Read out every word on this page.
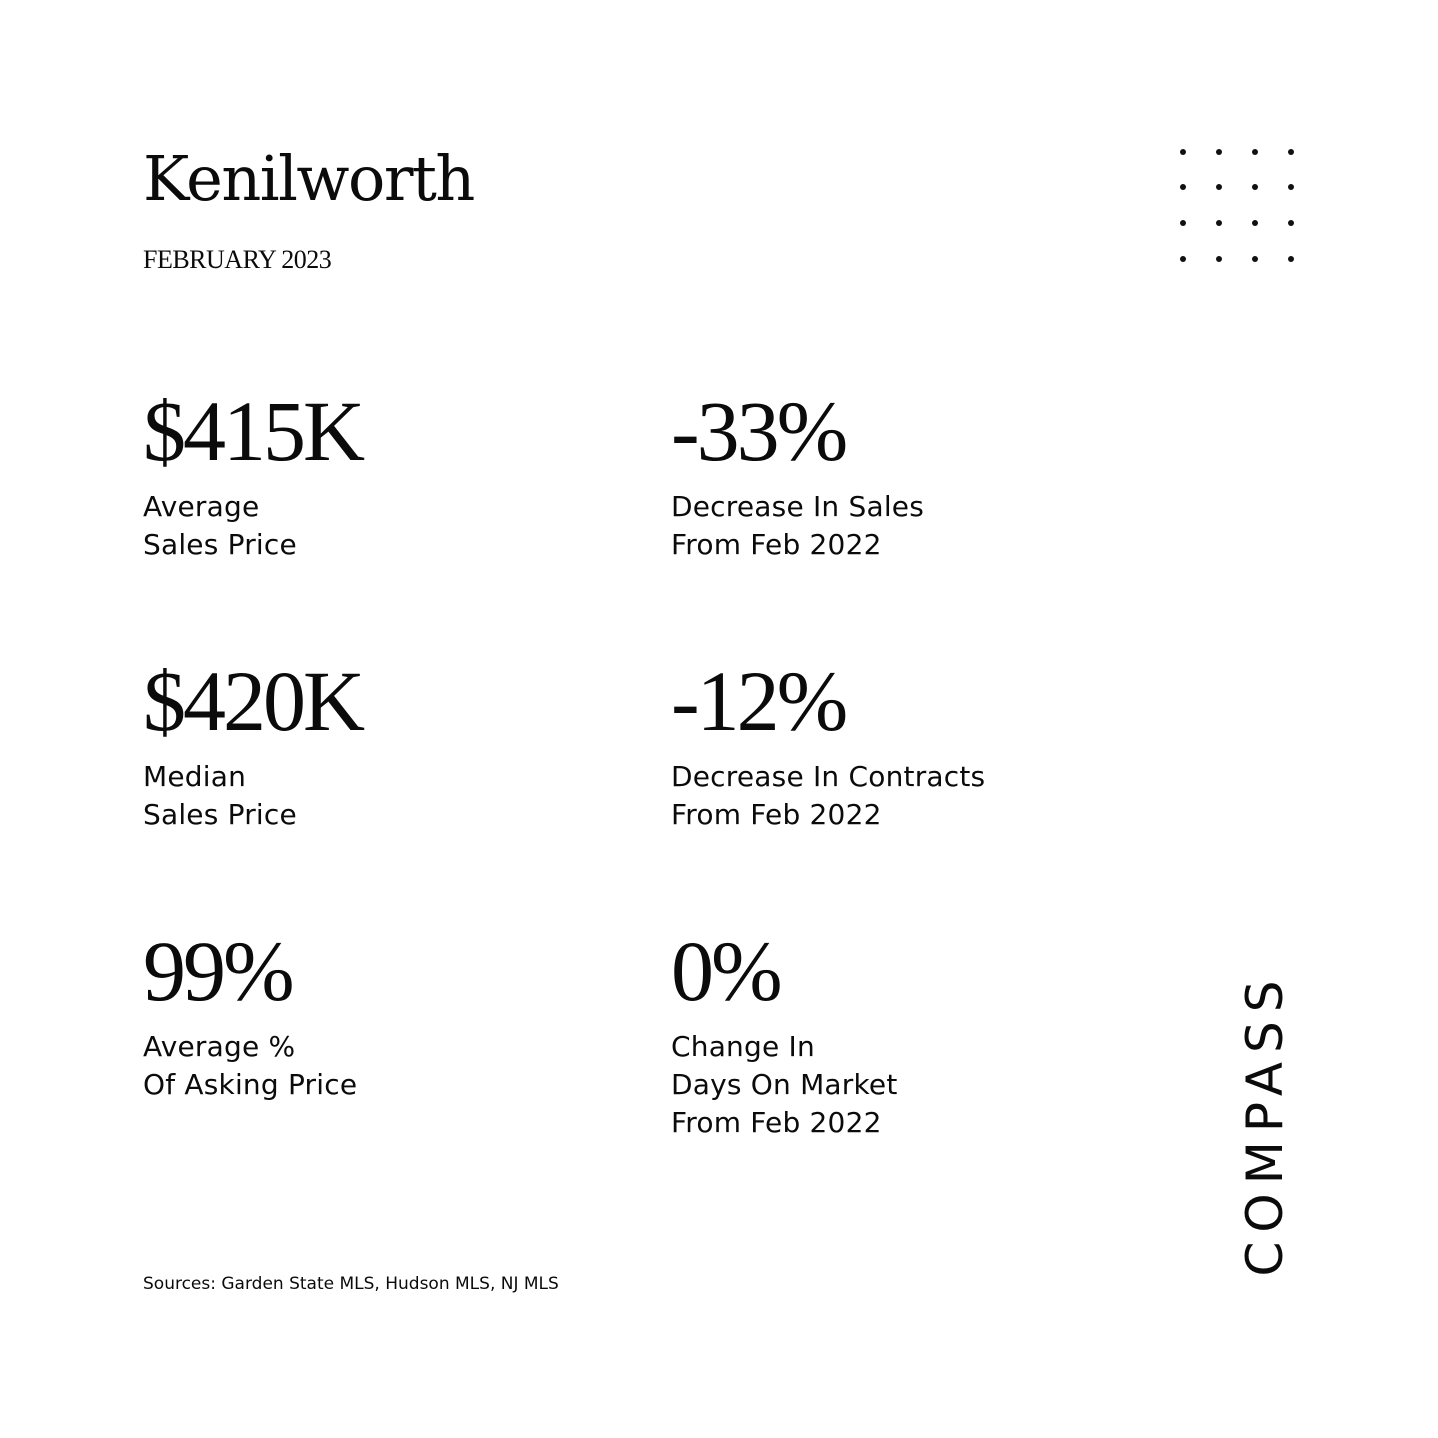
Kenilworth
FEBRUARY 2023
$415K
Average
Sales Price
-33%
Decrease In Sales
From Feb 2022
$420K
Median
Sales Price
-12%
Decrease In Contracts
From Feb 2022
99%
Average %
Of Asking Price
0%
Change In
Days On Market
From Feb 2022
Sources: Garden State MLS, Hudson MLS, NJ MLS
COMPASS
